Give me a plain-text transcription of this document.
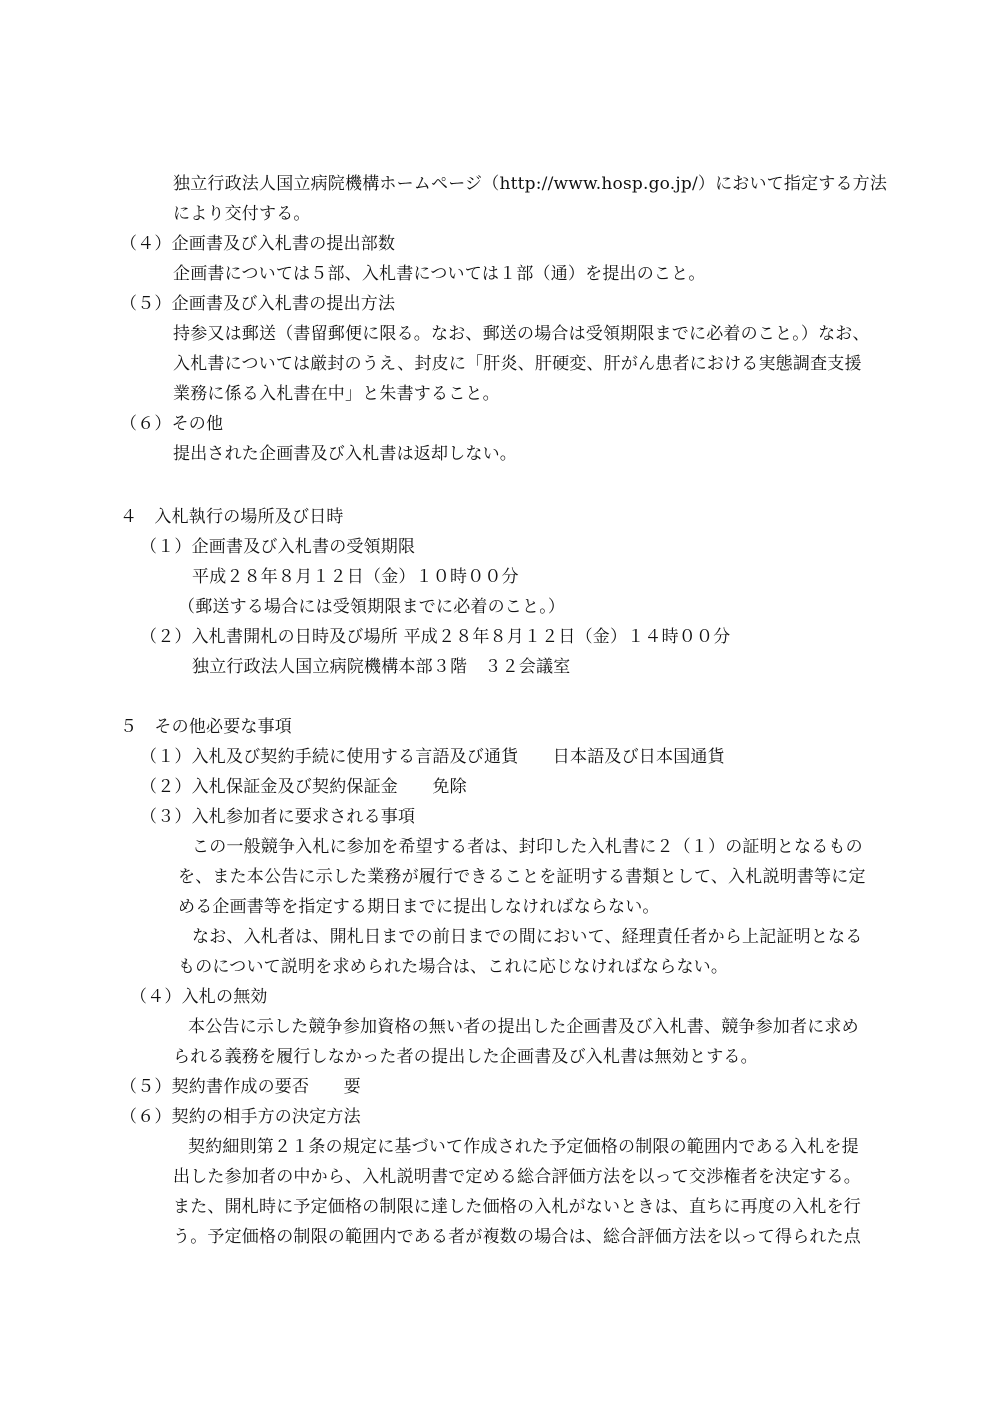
独立行政法人国立病院機構ホームページ（http://www.hosp.go.jp/）において指定する方法
により交付する。
（４）企画書及び入札書の提出部数
企画書については５部、入札書については１部（通）を提出のこと。
（５）企画書及び入札書の提出方法
持参又は郵送（書留郵便に限る。なお、郵送の場合は受領期限までに必着のこと。）なお、
入札書については厳封のうえ、封皮に「肝炎、肝硬変、肝がん患者における実態調査支援
業務に係る入札書在中」と朱書すること。
（６）その他
提出された企画書及び入札書は返却しない。
４　入札執行の場所及び日時
（１）企画書及び入札書の受領期限
平成２８年８月１２日（金）１０時００分
（郵送する場合には受領期限までに必着のこと。）
（２）入札書開札の日時及び場所 平成２８年８月１２日（金）１４時００分
独立行政法人国立病院機構本部３階　３２会議室
５　その他必要な事項
（１）入札及び契約手続に使用する言語及び通貨　　日本語及び日本国通貨
（２）入札保証金及び契約保証金　　免除
（３）入札参加者に要求される事項
この一般競争入札に参加を希望する者は、封印した入札書に２（１）の証明となるもの
を、また本公告に示した業務が履行できることを証明する書類として、入札説明書等に定
める企画書等を指定する期日までに提出しなければならない。
なお、入札者は、開札日までの前日までの間において、経理責任者から上記証明となる
ものについて説明を求められた場合は、これに応じなければならない。
（４）入札の無効
本公告に示した競争参加資格の無い者の提出した企画書及び入札書、競争参加者に求め
られる義務を履行しなかった者の提出した企画書及び入札書は無効とする。
（５）契約書作成の要否　　要
（６）契約の相手方の決定方法
契約細則第２１条の規定に基づいて作成された予定価格の制限の範囲内である入札を提
出した参加者の中から、入札説明書で定める総合評価方法を以って交渉権者を決定する。
また、開札時に予定価格の制限に達した価格の入札がないときは、直ちに再度の入札を行
う。予定価格の制限の範囲内である者が複数の場合は、総合評価方法を以って得られた点
